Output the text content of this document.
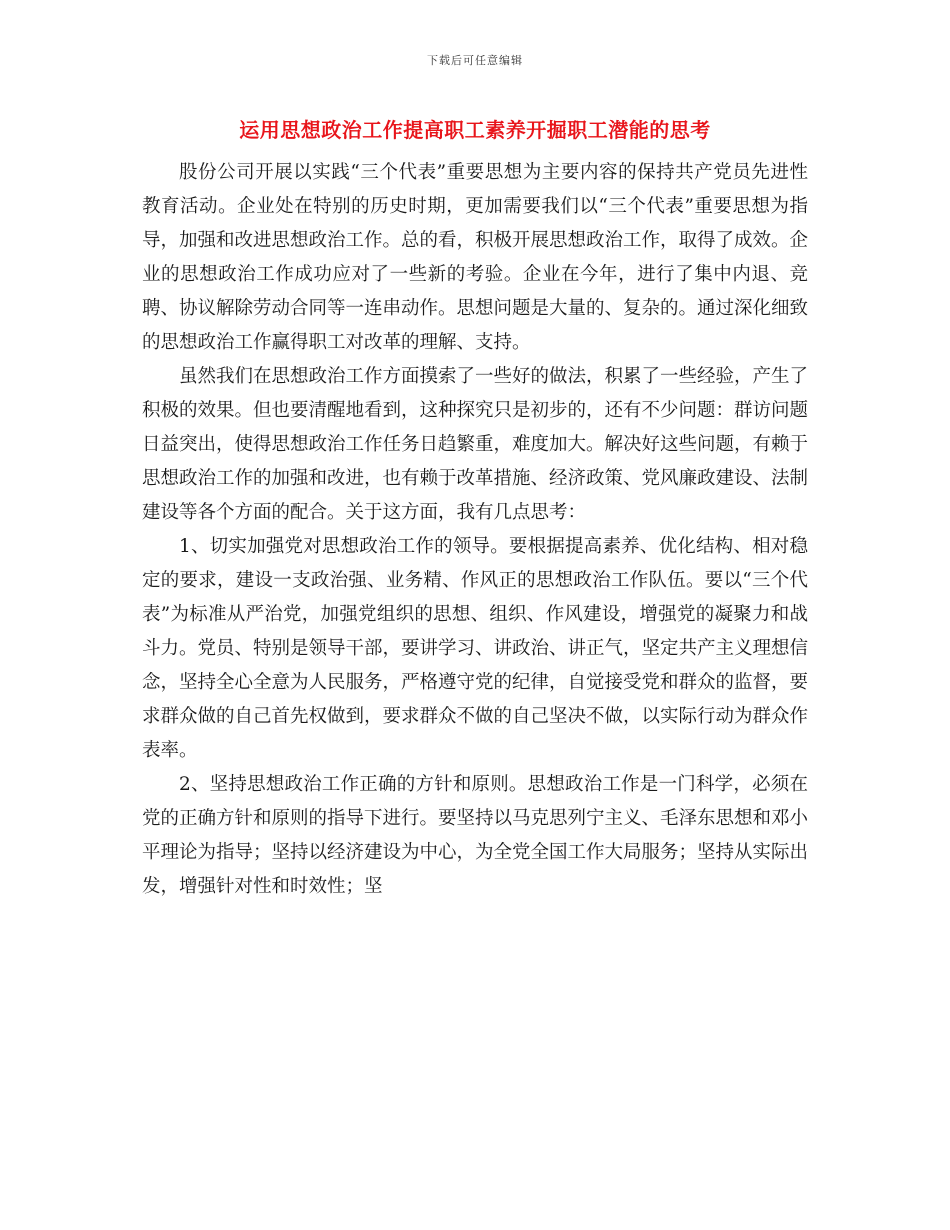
下载后可任意编辑
运用思想政治工作提高职工素养开掘职工潜能的思考

股份公司开展以实践“三个代表”重要思想为主要内容的保持共产党员先进性教育活动。企业处在特别的历史时期，更加需要我们以“三个代表”重要思想为指导，加强和改进思想政治工作。总的看，积极开展思想政治工作，取得了成效。企业的思想政治工作成功应对了一些新的考验。企业在今年，进行了集中内退、竞聘、协议解除劳动合同等一连串动作。思想问题是大量的、复杂的。通过深化细致的思想政治工作赢得职工对改革的理解、支持。

虽然我们在思想政治工作方面摸索了一些好的做法，积累了一些经验，产生了积极的效果。但也要清醒地看到，这种探究只是初步的，还有不少问题：群访问题日益突出，使得思想政治工作任务日趋繁重，难度加大。解决好这些问题，有赖于思想政治工作的加强和改进，也有赖于改革措施、经济政策、党风廉政建设、法制建设等各个方面的配合。关于这方面，我有几点思考：

1、切实加强党对思想政治工作的领导。要根据提高素养、优化结构、相对稳定的要求，建设一支政治强、业务精、作风正的思想政治工作队伍。要以“三个代表”为标准从严治党，加强党组织的思想、组织、作风建设，增强党的凝聚力和战斗力。党员、特别是领导干部，要讲学习、讲政治、讲正气，坚定共产主义理想信念，坚持全心全意为人民服务，严格遵守党的纪律，自觉接受党和群众的监督，要求群众做的自己首先权做到，要求群众不做的自己坚决不做，以实际行动为群众作表率。

2、坚持思想政治工作正确的方针和原则。思想政治工作是一门科学，必须在党的正确方针和原则的指导下进行。要坚持以马克思列宁主义、毛泽东思想和邓小平理论为指导；坚持以经济建设为中心，为全党全国工作大局服务；坚持从实际出发，增强针对性和时效性；坚
